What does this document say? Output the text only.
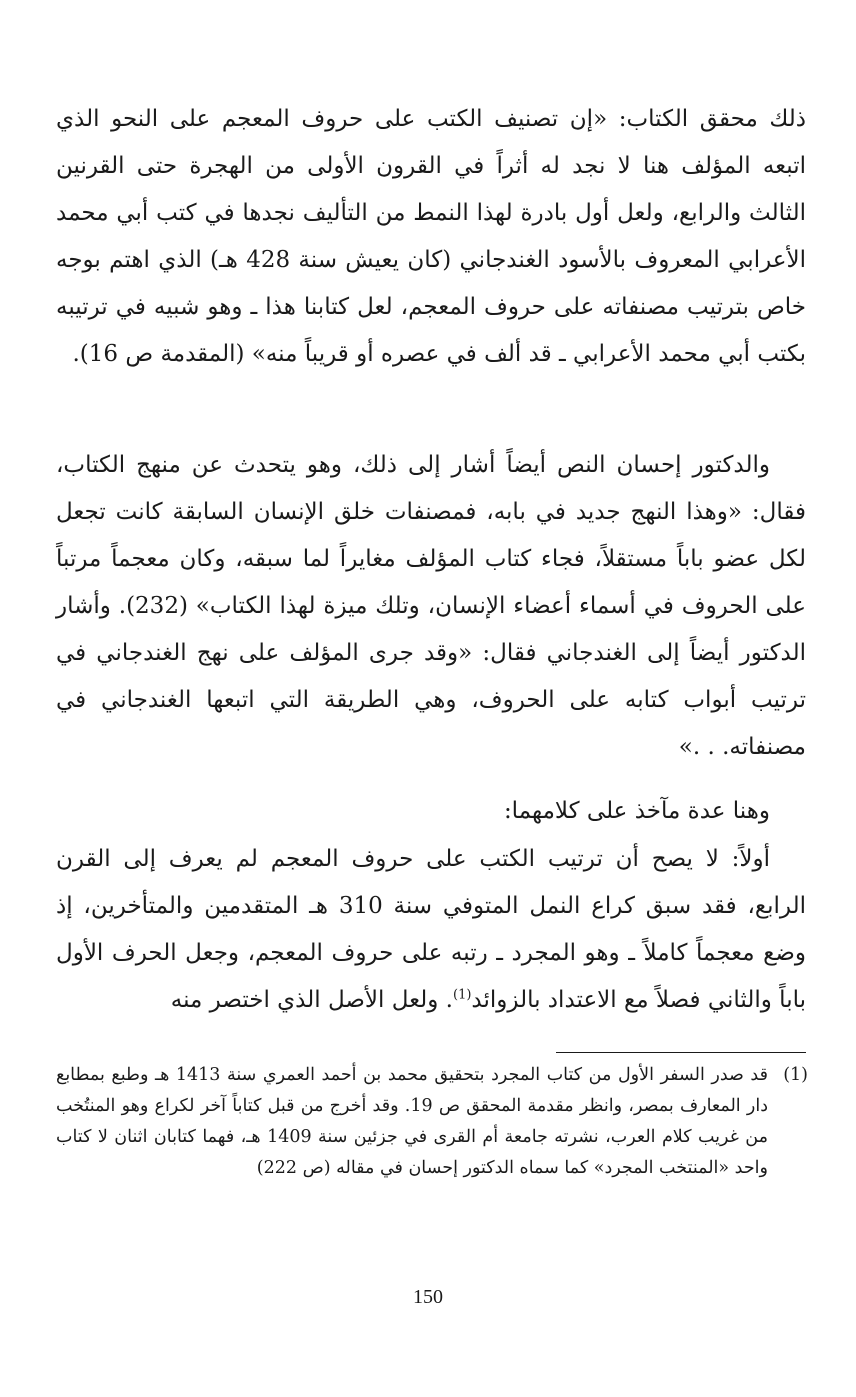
ذلك محقق الكتاب: «إن تصنيف الكتب على حروف المعجم على النحو الذي اتبعه المؤلف هنا لا نجد له أثراً في القرون الأولى من الهجرة حتى القرنين الثالث والرابع، ولعل أول بادرة لهذا النمط من التأليف نجدها في كتب أبي محمد الأعرابي المعروف بالأسود الغندجاني (كان يعيش سنة 428 هـ) الذي اهتم بوجه خاص بترتيب مصنفاته على حروف المعجم، لعل كتابنا هذا ـ وهو شبيه في ترتيبه بكتب أبي محمد الأعرابي ـ قد ألف في عصره أو قريباً منه» (المقدمة ص 16).

والدكتور إحسان النص أيضاً أشار إلى ذلك، وهو يتحدث عن منهج الكتاب، فقال: «وهذا النهج جديد في بابه، فمصنفات خلق الإنسان السابقة كانت تجعل لكل عضو باباً مستقلاً، فجاء كتاب المؤلف مغايراً لما سبقه، وكان معجماً مرتباً على الحروف في أسماء أعضاء الإنسان، وتلك ميزة لهذا الكتاب» (232). وأشار الدكتور أيضاً إلى الغندجاني فقال: «وقد جرى المؤلف على نهج الغندجاني في ترتيب أبواب كتابه على الحروف، وهي الطريقة التي اتبعها الغندجاني في مصنفاته. . .»

وهنا عدة مآخذ على كلامهما:

أولاً: لا يصح أن ترتيب الكتب على حروف المعجم لم يعرف إلى القرن الرابع، فقد سبق كراع النمل المتوفي سنة 310 هـ المتقدمين والمتأخرين، إذ وضع معجماً كاملاً ـ وهو المجرد ـ رتبه على حروف المعجم، وجعل الحرف الأول باباً والثاني فصلاً مع الاعتداد بالزوائد$^{(1)}$. ولعل الأصل الذي اختصر منه

(1)
قد صدر السفر الأول من كتاب المجرد بتحقيق محمد بن أحمد العمري سنة 1413 هـ وطبع بمطابع دار المعارف بمصر، وانظر مقدمة المحقق ص 19. وقد أخرج من قبل كتاباً آخر لكراع وهو المنتُخب من غريب كلام العرب، نشرته جامعة أم القرى في جزئين سنة 1409 هـ، فهما كتابان اثنان لا كتاب واحد «المنتخب المجرد» كما سماه الدكتور إحسان في مقاله (ص 222)
150
